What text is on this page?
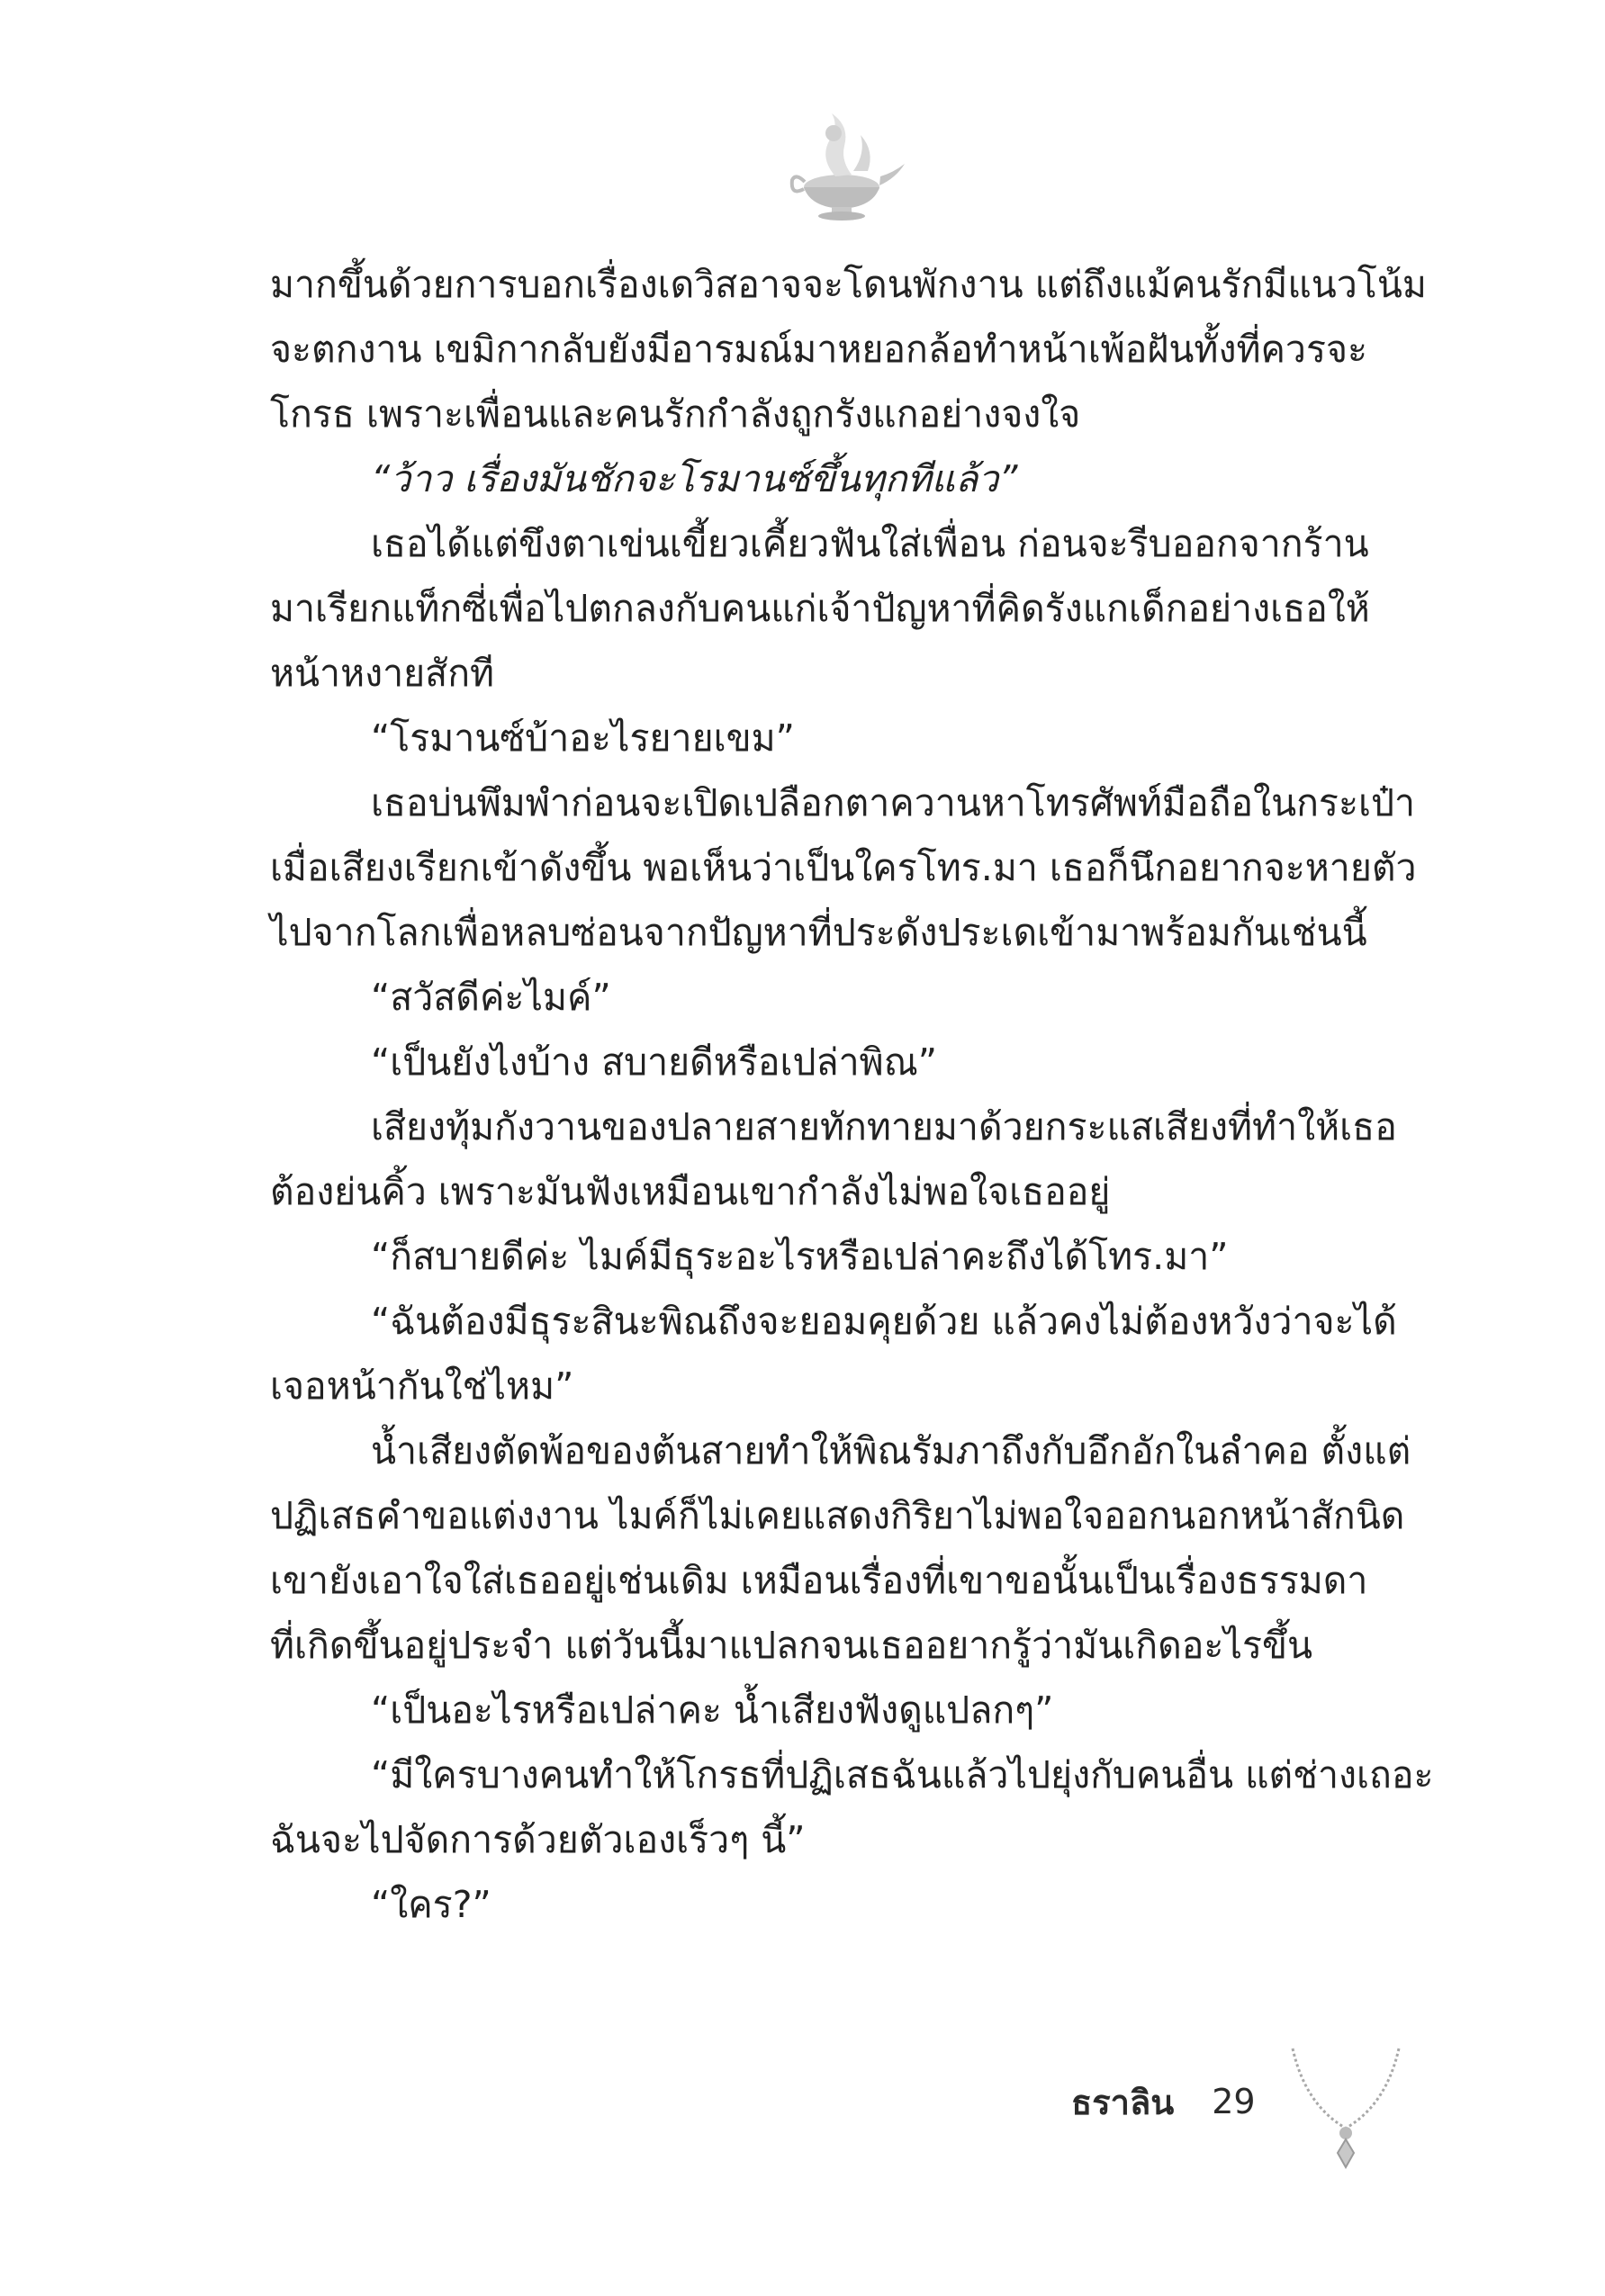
มากขึ้นด้วยการบอกเรื่องเดวิสอาจจะโดนพักงาน แต่ถึงแม้คนรักมีแนวโน้ม

จะตกงาน เขมิกากลับยังมีอารมณ์มาหยอกล้อทำหน้าเพ้อฝันทั้งที่ควรจะ

โกรธ เพราะเพื่อนและคนรักกำลังถูกรังแกอย่างจงใจ

“ว้าว เรื่องมันชักจะโรมานซ์ขึ้นทุกทีแล้ว”

เธอได้แต่ขึงตาเข่นเขี้ยวเคี้ยวฟันใส่เพื่อน ก่อนจะรีบออกจากร้าน

มาเรียกแท็กซี่เพื่อไปตกลงกับคนแก่เจ้าปัญหาที่คิดรังแกเด็กอย่างเธอให้

หน้าหงายสักที

“โรมานซ์บ้าอะไรยายเขม”

เธอบ่นพึมพำก่อนจะเปิดเปลือกตาควานหาโทรศัพท์มือถือในกระเป๋า

เมื่อเสียงเรียกเข้าดังขึ้น พอเห็นว่าเป็นใครโทร.มา เธอก็นึกอยากจะหายตัว

ไปจากโลกเพื่อหลบซ่อนจากปัญหาที่ประดังประเดเข้ามาพร้อมกันเช่นนี้

“สวัสดีค่ะไมค์”

“เป็นยังไงบ้าง สบายดีหรือเปล่าพิณ”

เสียงทุ้มกังวานของปลายสายทักทายมาด้วยกระแสเสียงที่ทำให้เธอ

ต้องย่นคิ้ว เพราะมันฟังเหมือนเขากำลังไม่พอใจเธออยู่

“ก็สบายดีค่ะ ไมค์มีธุระอะไรหรือเปล่าคะถึงได้โทร.มา”

“ฉันต้องมีธุระสินะพิณถึงจะยอมคุยด้วย แล้วคงไม่ต้องหวังว่าจะได้

เจอหน้ากันใช่ไหม”

น้ำเสียงตัดพ้อของต้นสายทำให้พิณรัมภาถึงกับอึกอักในลำคอ ตั้งแต่

ปฏิเสธคำขอแต่งงาน ไมค์ก็ไม่เคยแสดงกิริยาไม่พอใจออกนอกหน้าสักนิด

เขายังเอาใจใส่เธออยู่เช่นเดิม เหมือนเรื่องที่เขาขอนั้นเป็นเรื่องธรรมดา

ที่เกิดขึ้นอยู่ประจำ แต่วันนี้มาแปลกจนเธออยากรู้ว่ามันเกิดอะไรขึ้น

“เป็นอะไรหรือเปล่าคะ น้ำเสียงฟังดูแปลกๆ”

“มีใครบางคนทำให้โกรธที่ปฏิเสธฉันแล้วไปยุ่งกับคนอื่น แต่ช่างเถอะ

ฉันจะไปจัดการด้วยตัวเองเร็วๆ นี้”

“ใคร?”

ธราลิน 29
